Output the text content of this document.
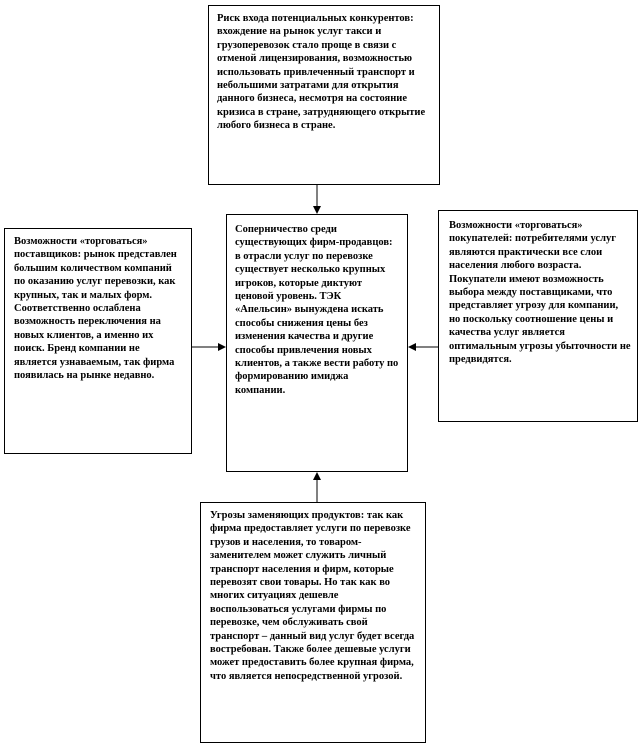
Риск входа потенциальных конкурентов: вхождение на рынок услуг такси и грузоперевозок стало проще в связи с отменой лицензирования, возможностью использовать привлеченный транспорт и небольшими затратами для открытия данного бизнеса, несмотря на состояние кризиса в стране, затрудняющего открытие любого бизнеса в стране.
Возможности «торговаться» поставщиков: рынок представлен большим количеством компаний по оказанию услуг перевозки, как крупных, так и малых форм. Соответственно ослаблена возможность переключения на новых клиентов, а именно их поиск. Бренд компании не является узнаваемым, так фирма появилась на рынке недавно.
Соперничество среди существующих фирм-продавцов: в отрасли услуг по перевозке существует несколько крупных игроков, которые диктуют ценовой уровень. ТЭК «Апельсин» вынуждена искать способы снижения цены без изменения качества и другие способы привлечения новых клиентов, а также вести работу по формированию имиджа компании.
Возможности «торговаться» покупателей: потребителями услуг являются практически все слои населения любого возраста. Покупатели имеют возможность выбора между поставщиками, что представляет угрозу для компании, но поскольку соотношение цены и качества услуг является оптимальным угрозы убыточности не предвидятся.
Угрозы заменяющих продуктов: так как фирма предоставляет услуги по перевозке грузов и населения, то товаром-заменителем может служить личный транспорт населения и фирм, которые перевозят свои товары. Но так как во многих ситуациях дешевле воспользоваться услугами фирмы по перевозке, чем обслуживать свой транспорт – данный вид услуг будет всегда востребован. Также более дешевые услуги может предоставить более крупная фирма, что является непосредственной угрозой.
